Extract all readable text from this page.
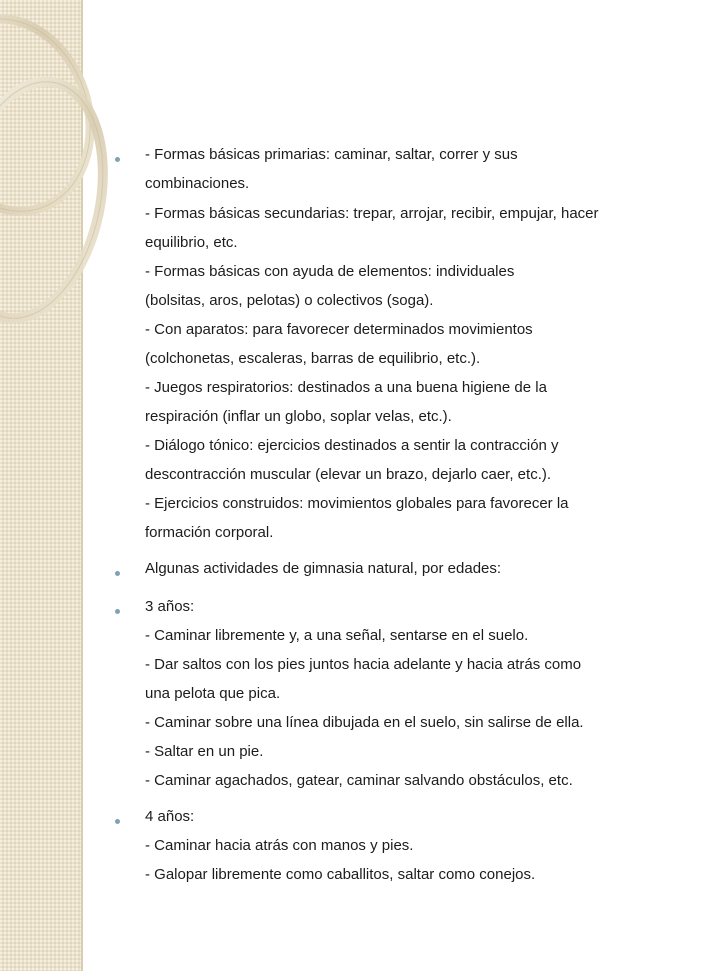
- Formas básicas primarias: caminar, saltar, correr y sus
combinaciones.
- Formas básicas secundarias: trepar, arrojar, recibir, empujar, hacer
equilibrio, etc.
- Formas básicas con ayuda de elementos: individuales
(bolsitas, aros, pelotas) o colectivos (soga).
- Con aparatos: para favorecer determinados movimientos
(colchonetas, escaleras, barras de equilibrio, etc.).
- Juegos respiratorios: destinados a una buena higiene de la
respiración (inflar un globo, soplar velas, etc.).
- Diálogo tónico: ejercicios destinados a sentir la contracción y
descontracción muscular (elevar un brazo, dejarlo caer, etc.).
- Ejercicios construidos: movimientos globales para favorecer la
formación corporal.
Algunas actividades de gimnasia natural, por edades:
3 años:
- Caminar libremente y, a una señal, sentarse en el suelo.
- Dar saltos con los pies juntos hacia adelante y hacia atrás como
una pelota que pica.
- Caminar sobre una línea dibujada en el suelo, sin salirse de ella.
- Saltar en un pie.
- Caminar agachados, gatear, caminar salvando obstáculos, etc.
4 años:
- Caminar hacia atrás con manos y pies.
- Galopar libremente como caballitos, saltar como conejos.
